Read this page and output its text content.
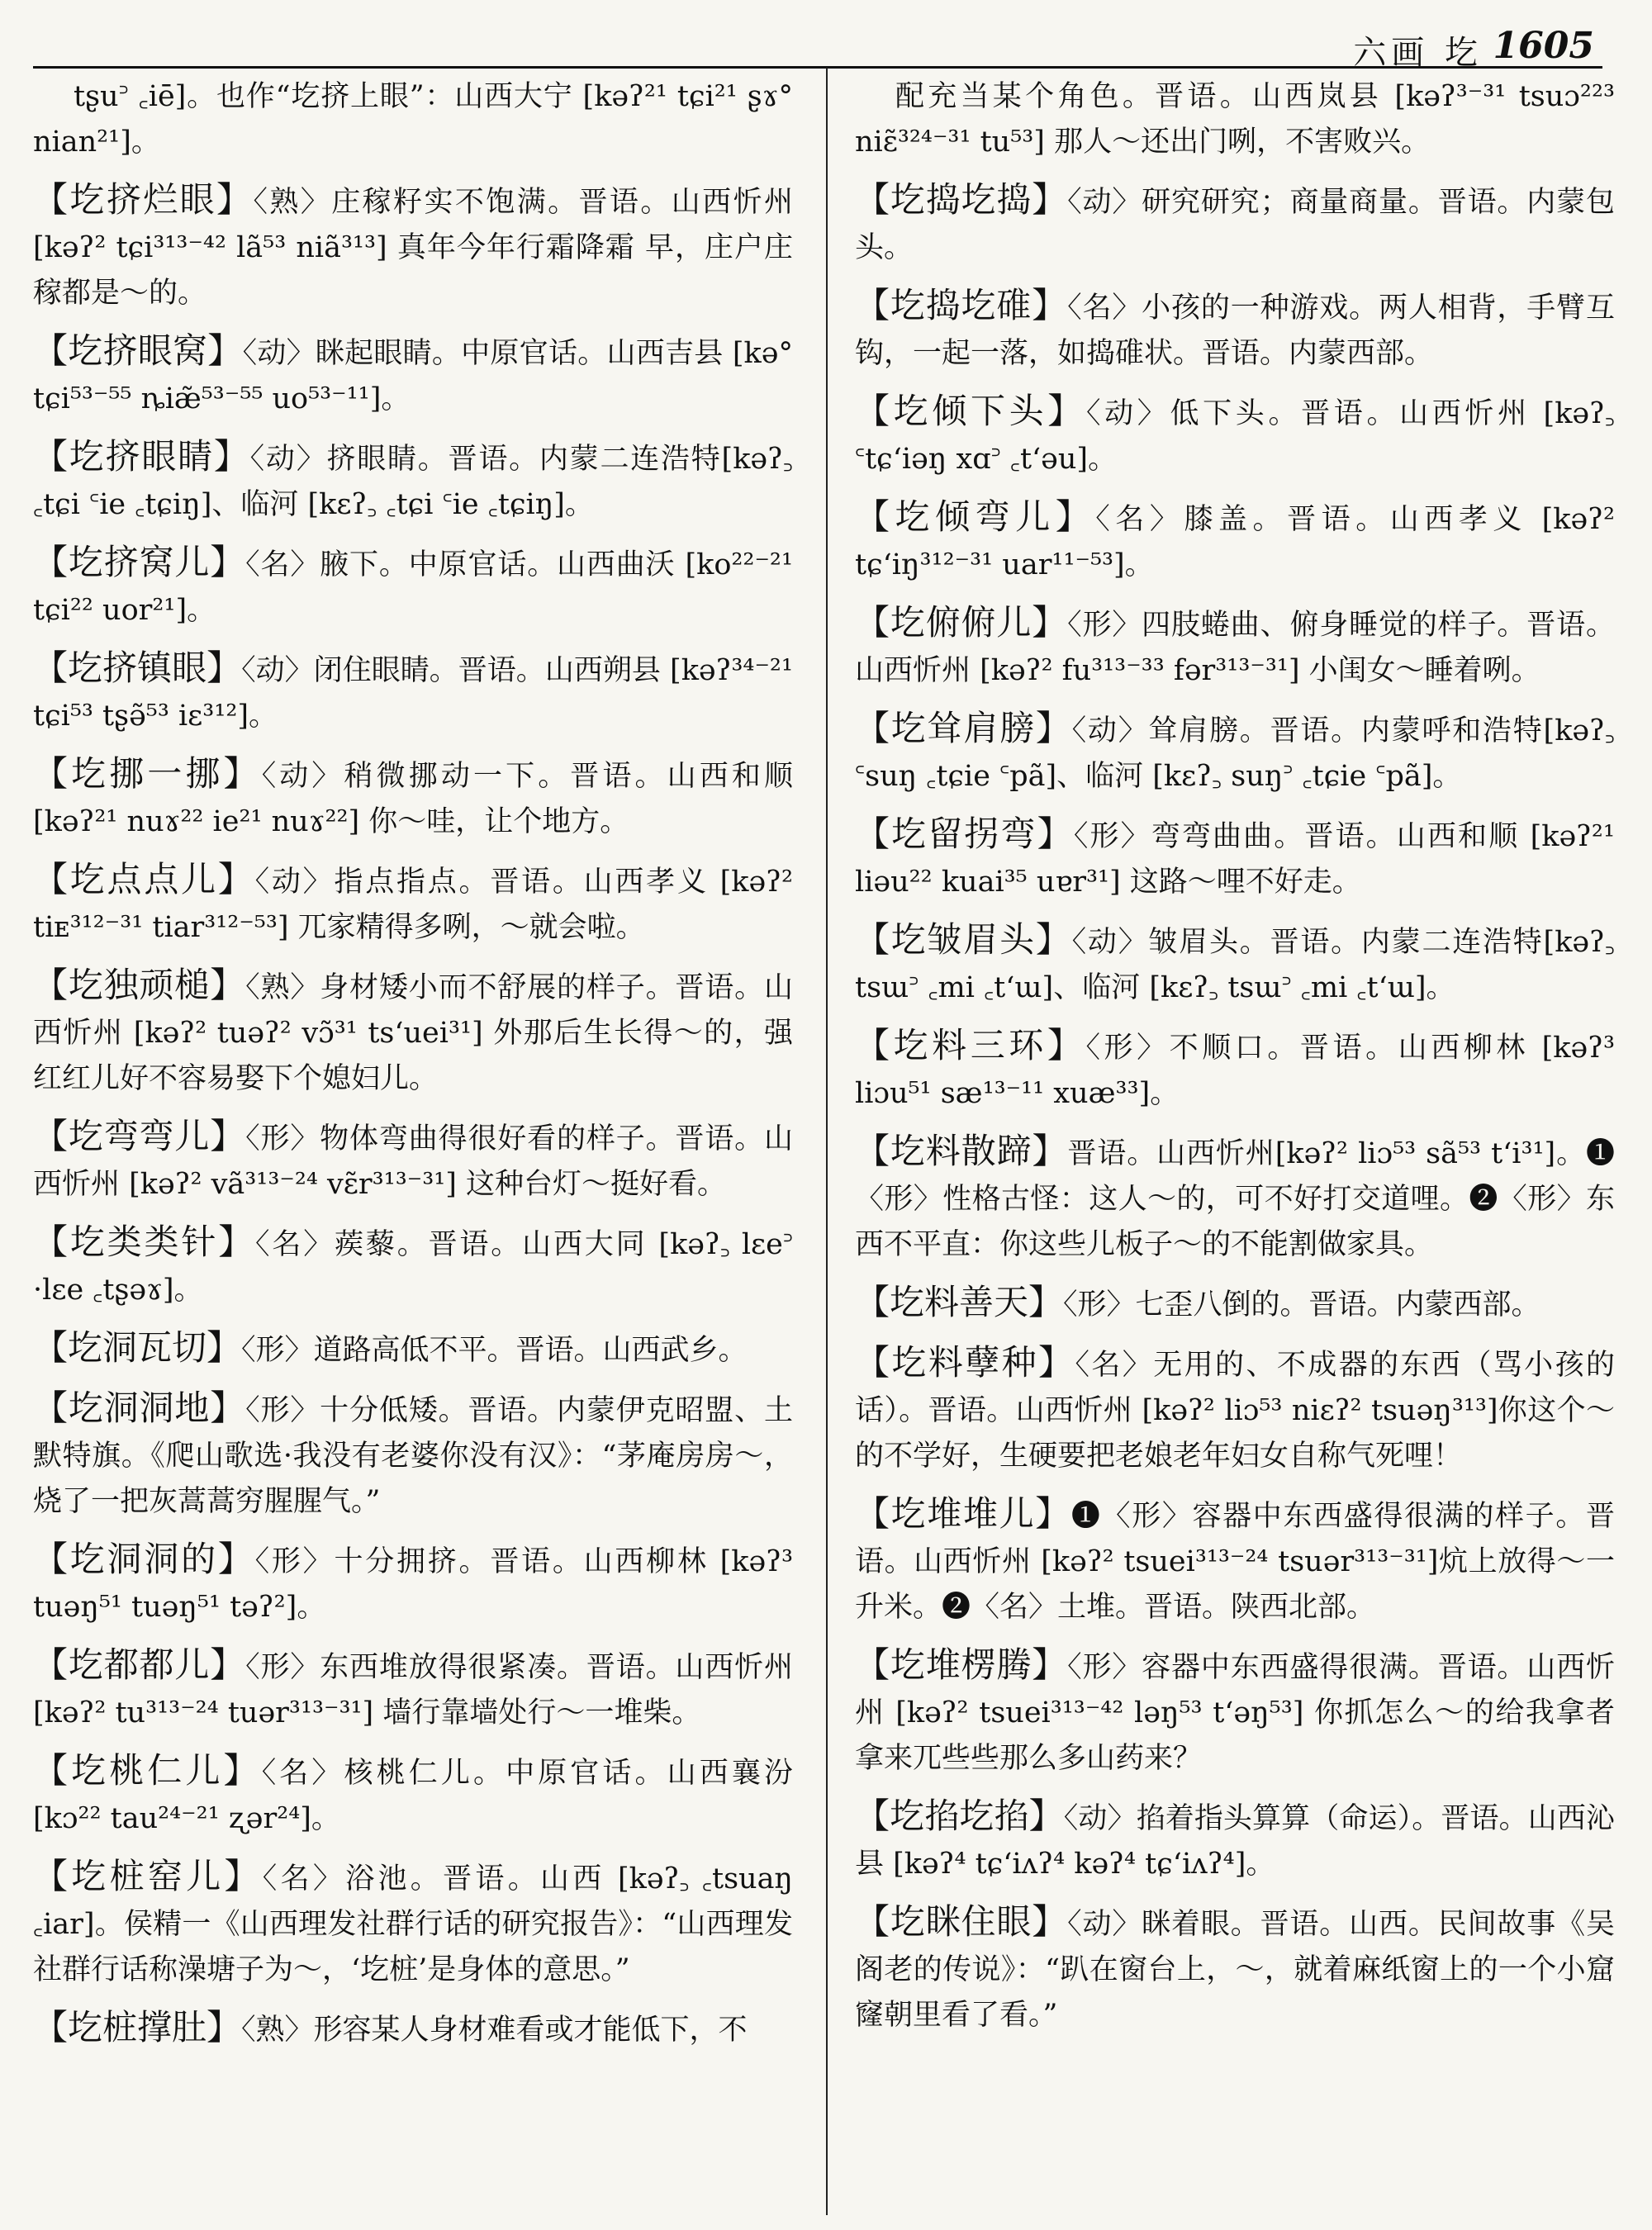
六画 圪 1605
tʂu꜄ ꜀iē]。也作“圪挤上眼”：山西大宁 [kəʔ²¹ tɕi²¹ ʂɤ° nian²¹]。
【圪挤烂眼】〈熟〉庄稼籽实不饱满。晋语。山西忻州 [kəʔ² tɕi³¹³⁻⁴² lã⁵³ niã³¹³] 真年今年行霜降霜 早，庄户庄稼都是～的。
【圪挤眼窝】〈动〉眯起眼睛。中原官话。山西吉县 [kə° tɕi⁵³⁻⁵⁵ ȵiæ̃⁵³⁻⁵⁵ uo⁵³⁻¹¹]。
【圪挤眼睛】〈动〉挤眼睛。晋语。内蒙二连浩特[kəʔ꜆ ꜀tɕi ꜂ie ꜀tɕiŋ]、临河 [kɛʔ꜆ ꜀tɕi ꜂ie ꜀tɕiŋ]。
【圪挤窝儿】〈名〉腋下。中原官话。山西曲沃 [ko²²⁻²¹ tɕi²² uor²¹]。
【圪挤镇眼】〈动〉闭住眼睛。晋语。山西朔县 [kəʔ³⁴⁻²¹ tɕi⁵³ tʂə̃⁵³ iɛ³¹²]。
【圪挪一挪】〈动〉稍微挪动一下。晋语。山西和顺 [kəʔ²¹ nuɤ²² ie²¹ nuɤ²²] 你～哇，让个地方。
【圪点点儿】〈动〉指点指点。晋语。山西孝义 [kəʔ² tiᴇ³¹²⁻³¹ tiar³¹²⁻⁵³] 兀家精得多咧，～就会啦。
【圪独顽槌】〈熟〉身材矮小而不舒展的样子。晋语。山西忻州 [kəʔ² tuəʔ² vɔ̃³¹ tsʻuei³¹] 外那后生长得～的，强红红儿好不容易娶下个媳妇儿。
【圪弯弯儿】〈形〉物体弯曲得很好看的样子。晋语。山西忻州 [kəʔ² vã³¹³⁻²⁴ vɛ̃r³¹³⁻³¹] 这种台灯～挺好看。
【圪类类针】〈名〉蒺藜。晋语。山西大同 [kəʔ꜆ lɛe꜄ ·lɛe ꜀tʂəɤ]。
【圪洞瓦切】〈形〉道路高低不平。晋语。山西武乡。
【圪洞洞地】〈形〉十分低矮。晋语。内蒙伊克昭盟、土默特旗。《爬山歌选·我没有老婆你没有汉》：“茅庵房房～，烧了一把灰蒿蒿穷腥腥气。”
【圪洞洞的】〈形〉十分拥挤。晋语。山西柳林 [kəʔ³ tuəŋ⁵¹ tuəŋ⁵¹ təʔ²]。
【圪都都儿】〈形〉东西堆放得很紧凑。晋语。山西忻州 [kəʔ² tu³¹³⁻²⁴ tuər³¹³⁻³¹] 墙行靠墙处行～一堆柴。
【圪桃仁儿】〈名〉核桃仁儿。中原官话。山西襄汾 [kɔ²² tau²⁴⁻²¹ ʐər²⁴]。
【圪桩窑儿】〈名〉浴池。晋语。山西 [kəʔ꜆ ꜀tsuaŋ ꜀iar]。侯精一《山西理发社群行话的研究报告》：“山西理发社群行话称澡塘子为～，‘圪桩’是身体的意思。”
【圪桩撑肚】〈熟〉形容某人身材难看或才能低下，不
配充当某个角色。晋语。山西岚县 [kəʔ³⁻³¹ tsuɔ²²³ niɛ̃³²⁴⁻³¹ tu⁵³] 那人～还出门咧，不害败兴。
【圪捣圪捣】〈动〉研究研究；商量商量。晋语。内蒙包头。
【圪捣圪碓】〈名〉小孩的一种游戏。两人相背，手臂互钩，一起一落，如捣碓状。晋语。内蒙西部。
【圪倾下头】〈动〉低下头。晋语。山西忻州 [kəʔ꜆ ꜂tɕʻiəŋ xɑ꜄ ꜀tʻəu]。
【圪倾弯儿】〈名〉膝盖。晋语。山西孝义 [kəʔ² tɕʻiŋ³¹²⁻³¹ uar¹¹⁻⁵³]。
【圪俯俯儿】〈形〉四肢蜷曲、俯身睡觉的样子。晋语。山西忻州 [kəʔ² fu³¹³⁻³³ fər³¹³⁻³¹] 小闺女～睡着咧。
【圪耸肩膀】〈动〉耸肩膀。晋语。内蒙呼和浩特[kəʔ꜆ ꜂suŋ ꜀tɕie ꜂pã]、临河 [kɛʔ꜆ suŋ꜄ ꜀tɕie ꜂pã]。
【圪留拐弯】〈形〉弯弯曲曲。晋语。山西和顺 [kəʔ²¹ liəu²² kuai³⁵ uɐr³¹] 这路～哩不好走。
【圪皱眉头】〈动〉皱眉头。晋语。内蒙二连浩特[kəʔ꜆ tsɯ꜄ ꜀mi ꜀tʻɯ]、临河 [kɛʔ꜆ tsɯ꜄ ꜀mi ꜀tʻɯ]。
【圪料三环】〈形〉不顺口。晋语。山西柳林 [kəʔ³ liɔu⁵¹ sæ¹³⁻¹¹ xuæ³³]。
【圪料散蹄】晋语。山西忻州[kəʔ² liɔ⁵³ sã⁵³ tʻi³¹]。❶〈形〉性格古怪：这人～的，可不好打交道哩。❷〈形〉东西不平直：你这些儿板子～的不能割做家具。
【圪料善天】〈形〉七歪八倒的。晋语。内蒙西部。
【圪料孽种】〈名〉无用的、不成器的东西（骂小孩的话）。晋语。山西忻州 [kəʔ² liɔ⁵³ niɛʔ² tsuəŋ³¹³]你这个～的不学好，生硬要把老娘老年妇女自称气死哩！
【圪堆堆儿】❶〈形〉容器中东西盛得很满的样子。晋语。山西忻州 [kəʔ² tsuei³¹³⁻²⁴ tsuər³¹³⁻³¹]炕上放得～一升米。❷〈名〉土堆。晋语。陕西北部。
【圪堆楞腾】〈形〉容器中东西盛得很满。晋语。山西忻州 [kəʔ² tsuei³¹³⁻⁴² ləŋ⁵³ tʻəŋ⁵³] 你抓怎么～的给我拿者拿来兀些些那么多山药来？
【圪掐圪掐】〈动〉掐着指头算算（命运）。晋语。山西沁县 [kəʔ⁴ tɕʻiʌʔ⁴ kəʔ⁴ tɕʻiʌʔ⁴]。
【圪眯住眼】〈动〉眯着眼。晋语。山西。民间故事《吴阁老的传说》：“趴在窗台上，～，就着麻纸窗上的一个小窟窿朝里看了看。”
